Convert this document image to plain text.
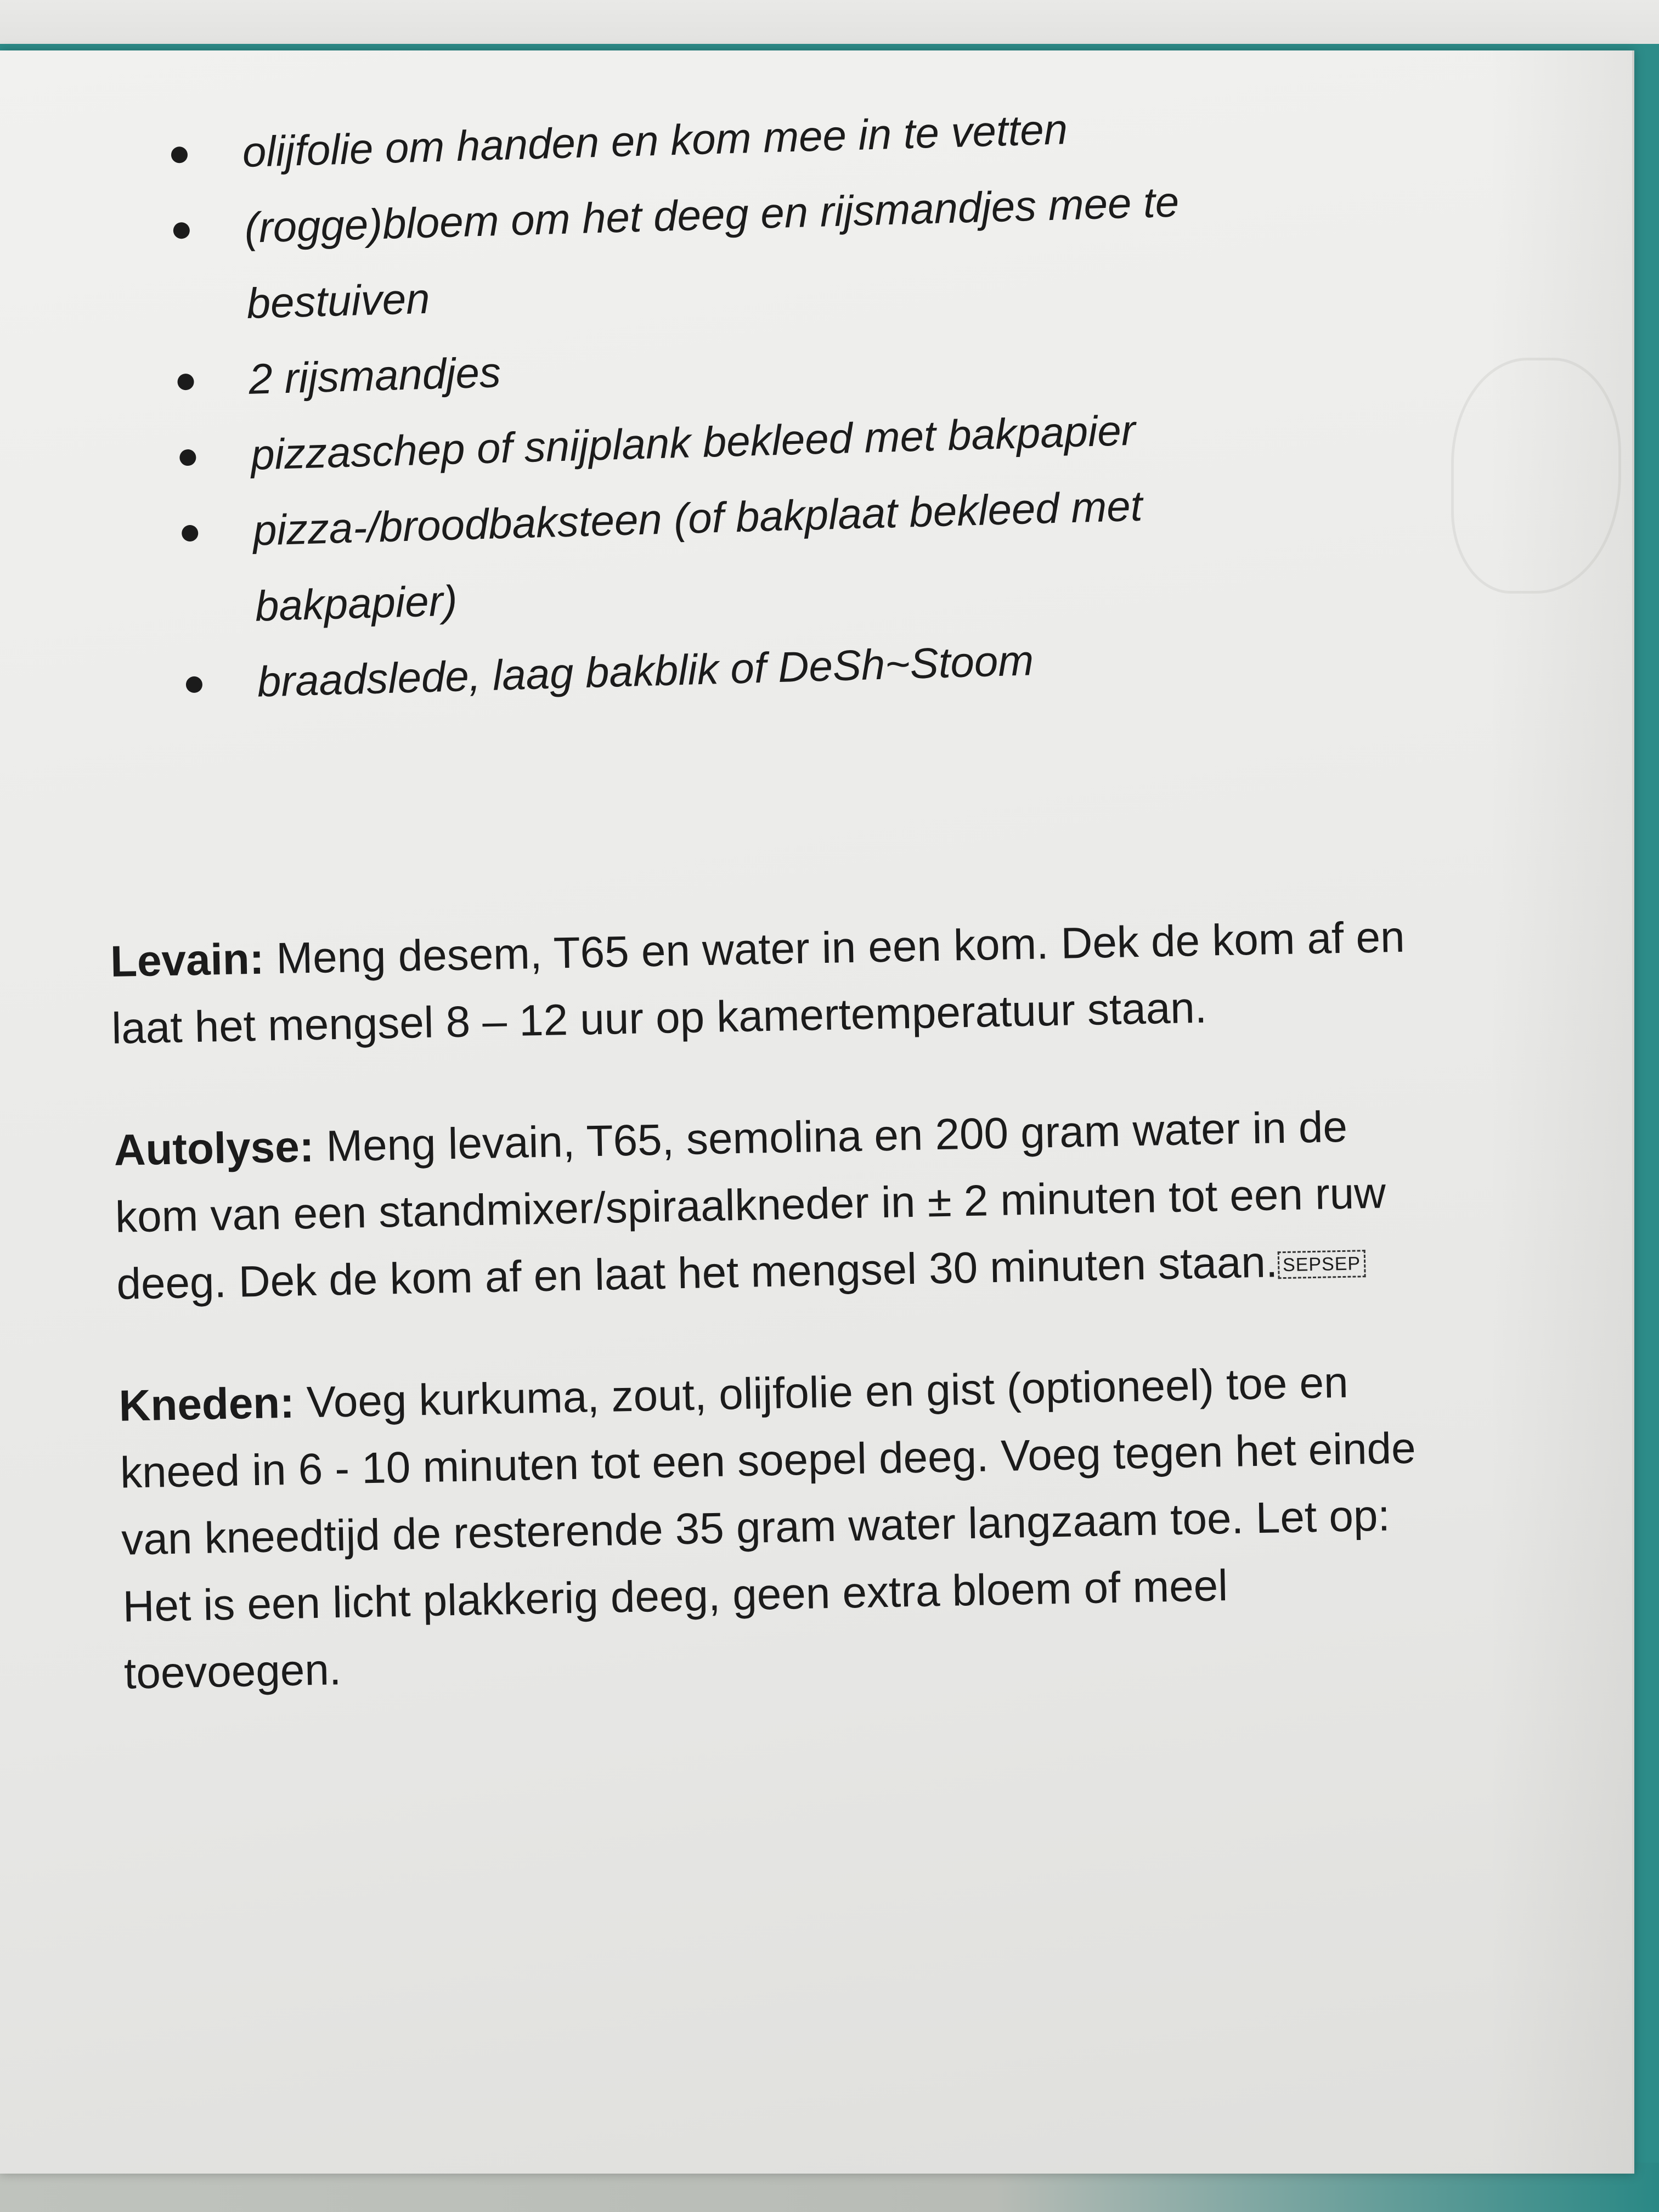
olijfolie om handen en kom mee in te vetten
(rogge)bloem om het deeg en rijsmandjes mee te bestuiven
2 rijsmandjes
pizzaschep of snijplank bekleed met bakpapier
pizza-/broodbaksteen (of bakplaat bekleed met bakpapier)
braadslede, laag bakblik of DeSh~Stoom

Levain: Meng desem, T65 en water in een kom. Dek de kom af en laat het mengsel 8 – 12 uur op kamertemperatuur staan.

Autolyse: Meng levain, T65, semolina en 200 gram water in de kom van een standmixer/spiraalkneder in ± 2 minuten tot een ruw deeg. Dek de kom af en laat het mengsel 30 minuten staan. SEPSEP

Kneden: Voeg kurkuma, zout, olijfolie en gist (optioneel) toe en kneed in 6 - 10 minuten tot een soepel deeg. Voeg tegen het einde van kneedtijd de resterende 35 gram water langzaam toe. Let op: Het is een licht plakkerig deeg, geen extra bloem of meel toevoegen.
